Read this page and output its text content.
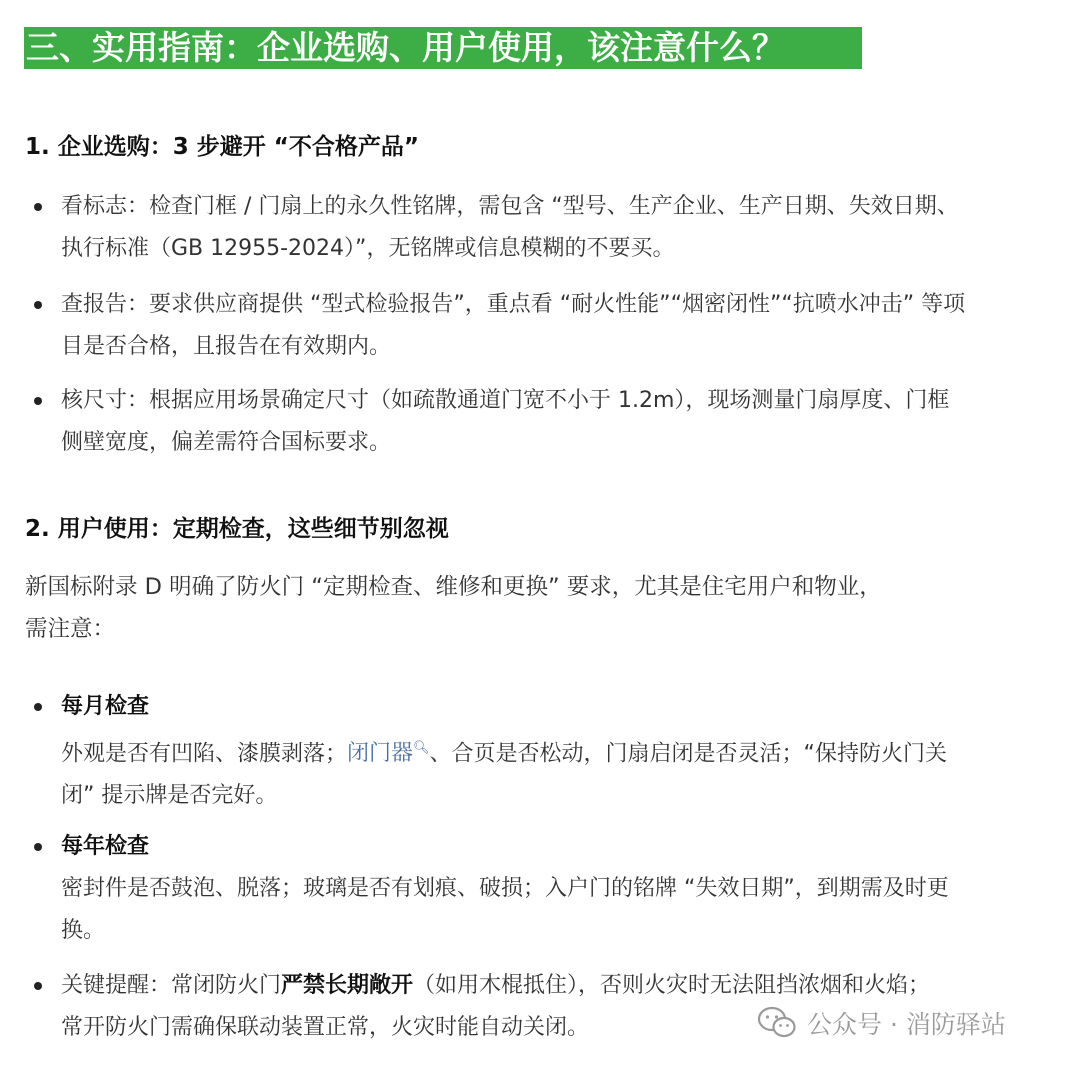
三、实用指南：企业选购、用户使用，该注意什么？
1. 企业选购：3 步避开 “不合格产品”
看标志：检查门框 / 门扇上的永久性铭牌，需包含 “型号、生产企业、生产日期、失效日期、
执行标准（GB 12955-2024）”，无铭牌或信息模糊的不要买。
查报告：要求供应商提供 “型式检验报告”，重点看 “耐火性能”“烟密闭性”“抗喷水冲击” 等项
目是否合格，且报告在有效期内。
核尺寸：根据应用场景确定尺寸（如疏散通道门宽不小于 1.2m），现场测量门扇厚度、门框
侧壁宽度，偏差需符合国标要求。
2. 用户使用：定期检查，这些细节别忽视
新国标附录 D 明确了防火门 “定期检查、维修和更换” 要求，尤其是住宅用户和物业，
需注意：
每月检查
外观是否有凹陷、漆膜剥落；闭门器🔍︎、合页是否松动，门扇启闭是否灵活；“保持防火门关
闭” 提示牌是否完好。
每年检查
密封件是否鼓泡、脱落；玻璃是否有划痕、破损；入户门的铭牌 “失效日期”，到期需及时更
换。
关键提醒：常闭防火门严禁长期敞开（如用木棍抵住），否则火灾时无法阻挡浓烟和火焰；
常开防火门需确保联动装置正常，火灾时能自动关闭。	公众号 · 消防驿站
